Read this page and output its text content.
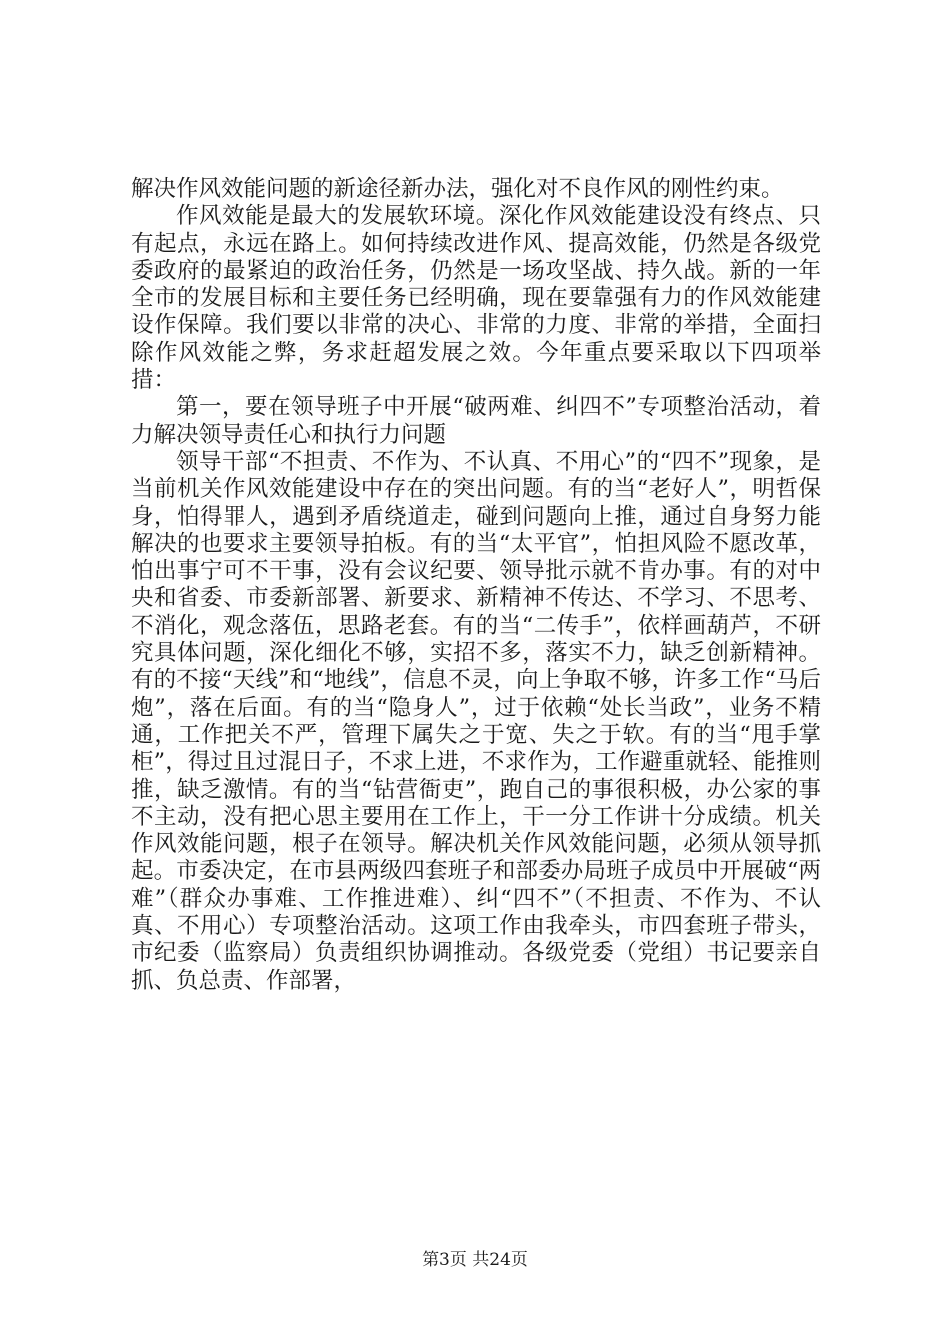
解决作风效能问题的新途径新办法，强化对不良作风的刚性约束。

作风效能是最大的发展软环境。深化作风效能建设没有终点、只有起点，永远在路上。如何持续改进作风、提高效能，仍然是各级党委政府的最紧迫的政治任务，仍然是一场攻坚战、持久战。新的一年全市的发展目标和主要任务已经明确，现在要靠强有力的作风效能建设作保障。我们要以非常的决心、非常的力度、非常的举措，全面扫除作风效能之弊，务求赶超发展之效。今年重点要采取以下四项举措：

第一，要在领导班子中开展“破两难、纠四不”专项整治活动，着力解决领导责任心和执行力问题

领导干部“不担责、不作为、不认真、不用心”的“四不”现象，是当前机关作风效能建设中存在的突出问题。有的当“老好人”，明哲保身，怕得罪人，遇到矛盾绕道走，碰到问题向上推，通过自身努力能解决的也要求主要领导拍板。有的当“太平官”，怕担风险不愿改革，怕出事宁可不干事，没有会议纪要、领导批示就不肯办事。有的对中央和省委、市委新部署、新要求、新精神不传达、不学习、不思考、不消化，观念落伍，思路老套。有的当“二传手”，依样画葫芦，不研究具体问题，深化细化不够，实招不多，落实不力，缺乏创新精神。有的不接“天线”和“地线”，信息不灵，向上争取不够，许多工作“马后炮”，落在后面。有的当“隐身人”，过于依赖“处长当政”，业务不精通，工作把关不严，管理下属失之于宽、失之于软。有的当“甩手掌柜”，得过且过混日子，不求上进，不求作为，工作避重就轻、能推则推，缺乏激情。有的当“钻营衙吏”，跑自己的事很积极，办公家的事不主动，没有把心思主要用在工作上，干一分工作讲十分成绩。机关作风效能问题，根子在领导。解决机关作风效能问题，必须从领导抓起。市委决定，在市县两级四套班子和部委办局班子成员中开展破“两难”（群众办事难、工作推进难）、纠“四不”（不担责、不作为、不认真、不用心）专项整治活动。这项工作由我牵头，市四套班子带头，市纪委（监察局）负责组织协调推动。各级党委（党组）书记要亲自抓、负总责、作部署，

第3页 共24页
